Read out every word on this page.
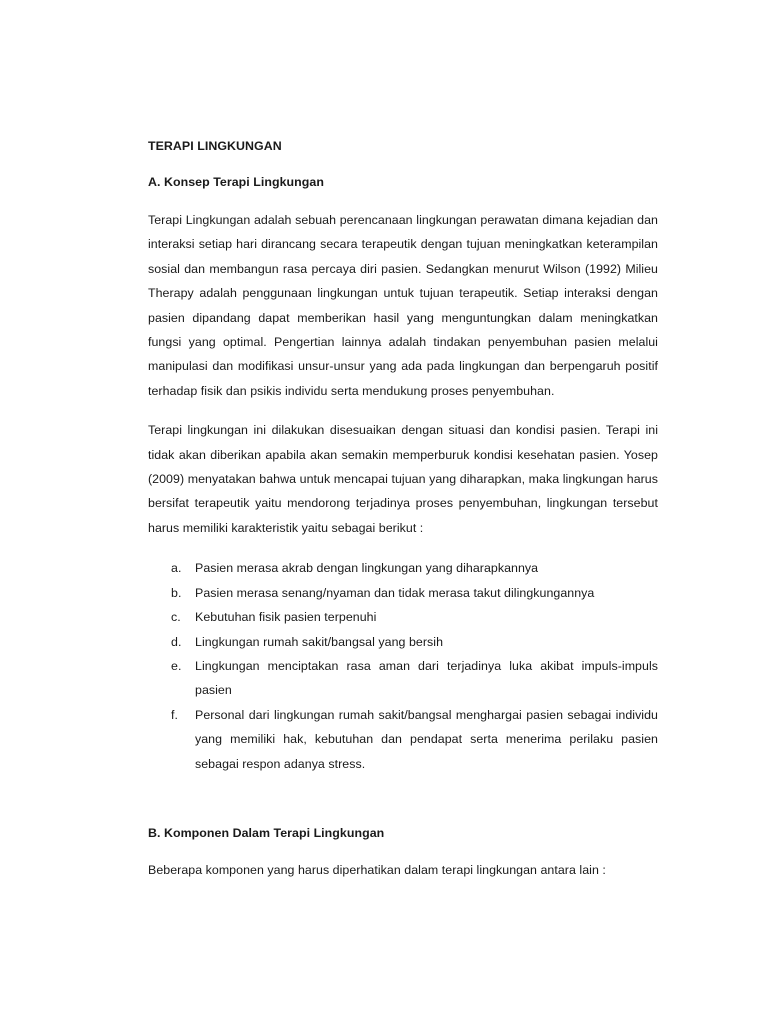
TERAPI LINGKUNGAN
A. Konsep Terapi Lingkungan

Terapi Lingkungan adalah sebuah perencanaan lingkungan perawatan dimana kejadian dan interaksi setiap hari dirancang secara terapeutik dengan tujuan meningkatkan keterampilan sosial dan membangun rasa percaya diri pasien. Sedangkan menurut Wilson (1992) Milieu Therapy adalah penggunaan lingkungan untuk tujuan terapeutik. Setiap interaksi dengan pasien dipandang dapat memberikan hasil yang menguntungkan dalam meningkatkan fungsi yang optimal. Pengertian lainnya adalah tindakan penyembuhan pasien melalui manipulasi dan modifikasi unsur-unsur yang ada pada lingkungan dan berpengaruh positif terhadap fisik dan psikis individu serta mendukung proses penyembuhan.

Terapi lingkungan ini dilakukan disesuaikan dengan situasi dan kondisi pasien. Terapi ini tidak akan diberikan apabila akan semakin memperburuk kondisi kesehatan pasien. Yosep (2009) menyatakan bahwa untuk mencapai tujuan yang diharapkan, maka lingkungan harus bersifat terapeutik yaitu mendorong terjadinya proses penyembuhan, lingkungan tersebut harus memiliki karakteristik yaitu sebagai berikut :

a. Pasien merasa akrab dengan lingkungan yang diharapkannya
b. Pasien merasa senang/nyaman dan tidak merasa takut dilingkungannya
c. Kebutuhan fisik pasien terpenuhi
d. Lingkungan rumah sakit/bangsal yang bersih
e. Lingkungan menciptakan rasa aman dari terjadinya luka akibat impuls-impuls pasien
f. Personal dari lingkungan rumah sakit/bangsal menghargai pasien sebagai individu yang memiliki hak, kebutuhan dan pendapat serta menerima perilaku pasien sebagai respon adanya stress.
B. Komponen Dalam Terapi Lingkungan

Beberapa komponen yang harus diperhatikan dalam terapi lingkungan antara lain :
